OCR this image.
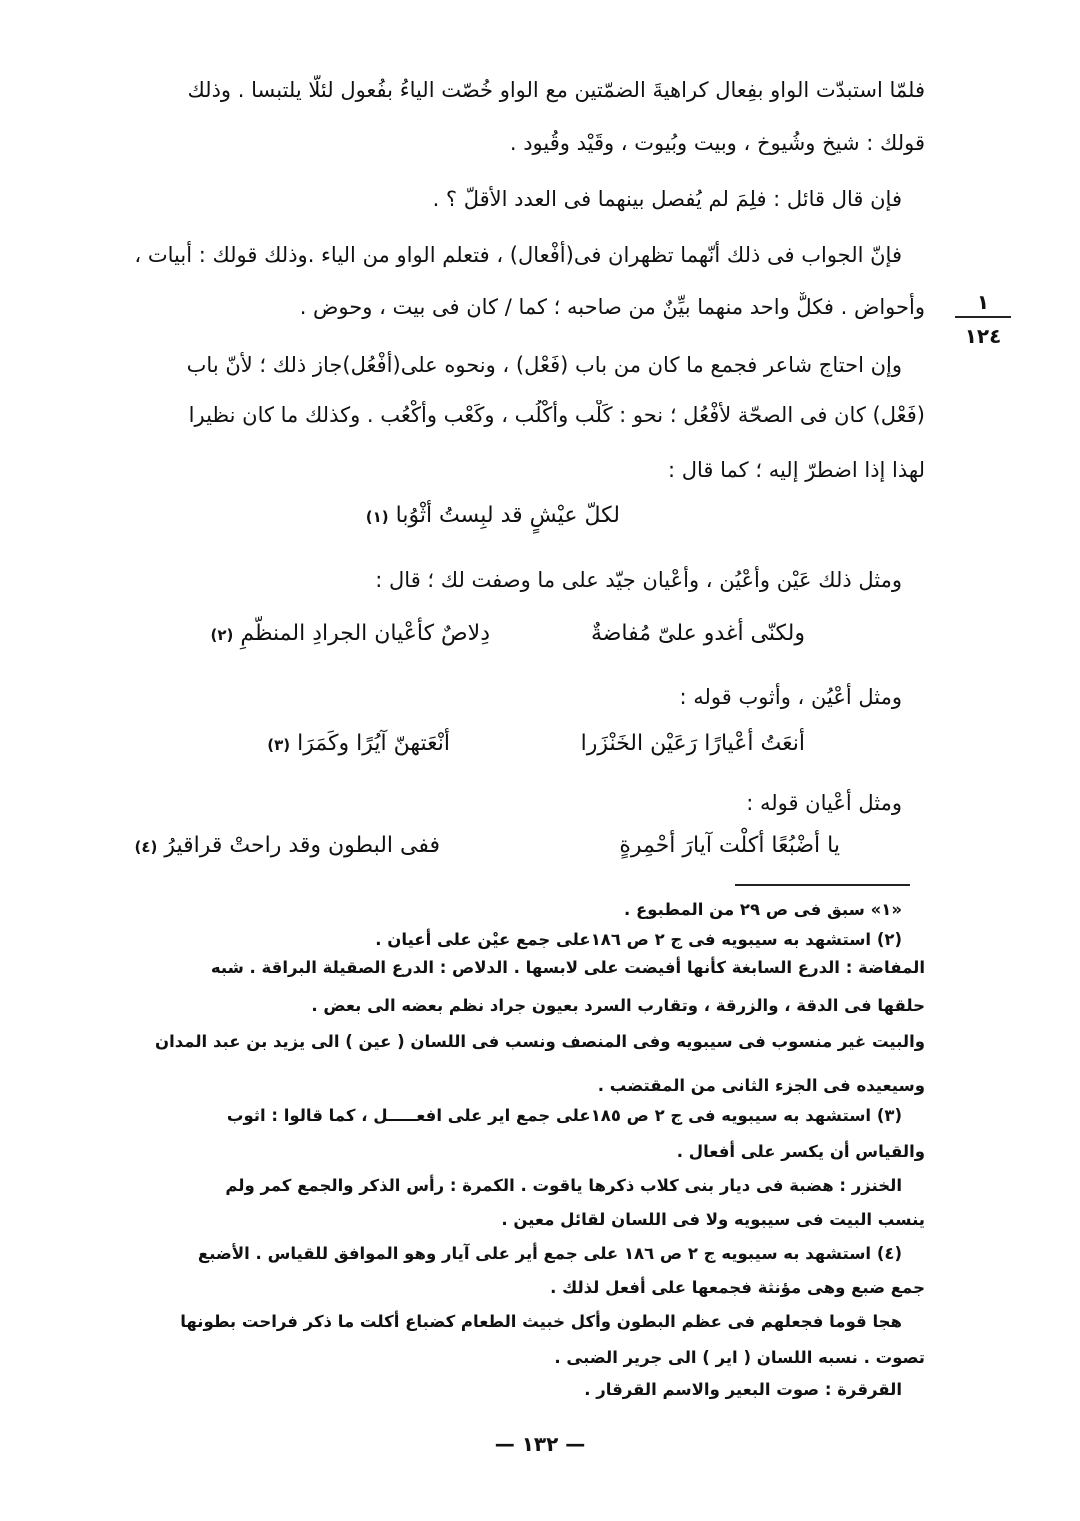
١
١٢٤
فلمّا استبدّت الواو بفِعال كراهيةَ الضمّتين مع الواو خُصّت الياءُ بفُعول لئلّا يلتبسا . وذلك
قولك : شيخ وشُيوخ ، وبيت وبُيوت ، وقَيْد وقُيود .
فإن قال قائل : فلِمَ لم يُفصل بينهما فى العدد الأقلّ ؟ .
فإنّ الجواب فى ذلك أنّهما تظهران فى(أفْعال) ، فتعلم الواو من الياء .وذلك قولك : أبيات ،
وأحواض . فكلٌّ واحد منهما بيِّنٌ من صاحبه ؛ كما / كان فى بيت ، وحوض .
وإن احتاج شاعر فجمع ما كان من باب (فَعْل) ، ونحوه على(أفْعُل)جاز ذلك ؛ لأنّ باب
(فَعْل) كان فى الصحّة لأفْعُل ؛ نحو : كَلْب وأكْلُب ، وكَعْب وأكْعُب . وكذلك ما كان نظيرا
لهذا إذا اضطرّ إليه ؛ كما قال :
لكلّ عيْشٍ قد لبِستُ أثْوُبا (١)
ومثل ذلك عَيْن وأعْيُن ، وأعْيان جيّد على ما وصفت لك ؛ قال :
ولكنّى أغدو علىّ مُفاضةٌ
دِلاصٌ كأعْيان الجرادِ المنظّمِ (٢)
ومثل أعْيُن ، وأثوب قوله :
أنعَتُ أعْيارًا رَعَيْن الخَنْزَرا
أنْعَتهنّ آيُرًا وكَمَرَا (٣)
ومثل أعْيان قوله :
يا أضْبُعًا أكلْت آيارَ أحْمِرةٍ
ففى البطون وقد راحتْ قراقيرُ (٤)
«١» سبق فى ص ٢٩ من المطبوع .
(٢) استشهد به سيبويه فى ج ٢ ص ١٨٦على جمع عيْن على أعيان .
المفاضة : الدرع السابغة كأنها أفيضت على لابسها . الدلاص : الدرع الصقيلة البراقة . شبه
حلقها فى الدقة ، والزرقة ، وتقارب السرد بعيون جراد نظم بعضه الى بعض .
والبيت غير منسوب فى سيبويه وفى المنصف ونسب فى اللسان ( عين ) الى يزيد بن عبد المدان
وسيعيده فى الجزء الثانى من المقتضب .
(٣) استشهد به سيبويه فى ج ٢ ص ١٨٥على جمع اير على افعـــــل ، كما قالوا : اثوب
والقياس أن يكسر على أفعال .
الخنزر : هضبة فى ديار بنى كلاب ذكرها ياقوت . الكمرة : رأس الذكر والجمع كمر ولم
ينسب البيت فى سيبويه ولا فى اللسان لقائل معين .
(٤) استشهد به سيبويه ج ٢ ص ١٨٦ على جمع أير على آيار وهو الموافق للقياس . الأضبع
جمع ضبع وهى مؤنثة فجمعها على أفعل لذلك .
هجا قوما فجعلهم فى عظم البطون وأكل خبيث الطعام كضباع أكلت ما ذكر فراحت بطونها
تصوت . نسبه اللسان ( اير ) الى جرير الضبى .
القرقرة : صوت البعير والاسم القرقار .
— ١٣٢ —
